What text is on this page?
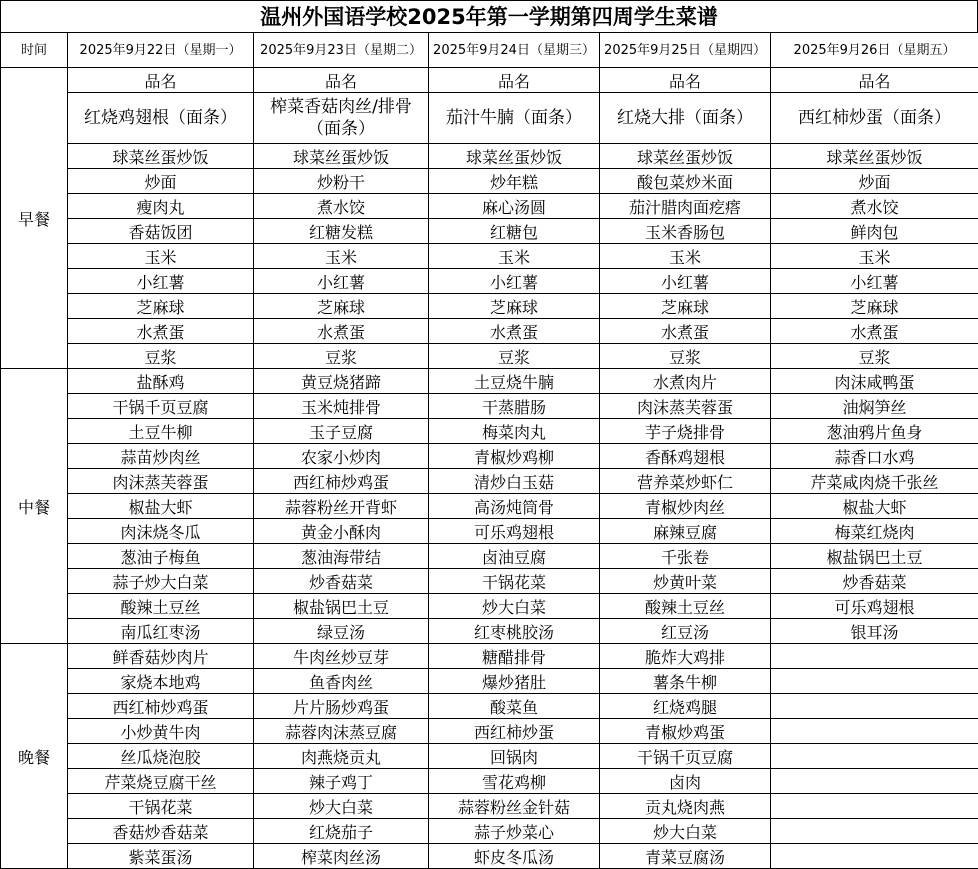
温州外国语学校2025年第一学期第四周学生菜谱
时间	2025年9月22日（星期一）	2025年9月23日（星期二）	2025年9月24日（星期三）	2025年9月25日（星期四）	2025年9月26日（星期五）
早餐	品名	品名	品名	品名	品名
	红烧鸡翅根（面条）	榨菜香菇肉丝/排骨（面条）	茄汁牛腩（面条）	红烧大排（面条）	西红柿炒蛋（面条）
	球菜丝蛋炒饭	球菜丝蛋炒饭	球菜丝蛋炒饭	球菜丝蛋炒饭	球菜丝蛋炒饭
	炒面	炒粉干	炒年糕	酸包菜炒米面	炒面
	瘦肉丸	煮水饺	麻心汤圆	茄汁腊肉面疙瘩	煮水饺
	香菇饭团	红糖发糕	红糖包	玉米香肠包	鲜肉包
	玉米	玉米	玉米	玉米	玉米
	小红薯	小红薯	小红薯	小红薯	小红薯
	芝麻球	芝麻球	芝麻球	芝麻球	芝麻球
	水煮蛋	水煮蛋	水煮蛋	水煮蛋	水煮蛋
	豆浆	豆浆	豆浆	豆浆	豆浆
中餐	盐酥鸡	黄豆烧猪蹄	土豆烧牛腩	水煮肉片	肉沫咸鸭蛋
	干锅千页豆腐	玉米炖排骨	干蒸腊肠	肉沫蒸芙蓉蛋	油焖笋丝
	土豆牛柳	玉子豆腐	梅菜肉丸	芋子烧排骨	葱油鸦片鱼身
	蒜苗炒肉丝	农家小炒肉	青椒炒鸡柳	香酥鸡翅根	蒜香口水鸡
	肉沫蒸芙蓉蛋	西红柿炒鸡蛋	清炒白玉菇	营养菜炒虾仁	芹菜咸肉烧千张丝
	椒盐大虾	蒜蓉粉丝开背虾	高汤炖筒骨	青椒炒肉丝	椒盐大虾
	肉沫烧冬瓜	黄金小酥肉	可乐鸡翅根	麻辣豆腐	梅菜红烧肉
	葱油子梅鱼	葱油海带结	卤油豆腐	千张卷	椒盐锅巴土豆
	蒜子炒大白菜	炒香菇菜	干锅花菜	炒黄叶菜	炒香菇菜
	酸辣土豆丝	椒盐锅巴土豆	炒大白菜	酸辣土豆丝	可乐鸡翅根
	南瓜红枣汤	绿豆汤	红枣桃胶汤	红豆汤	银耳汤
晚餐	鲜香菇炒肉片	牛肉丝炒豆芽	糖醋排骨	脆炸大鸡排	
	家烧本地鸡	鱼香肉丝	爆炒猪肚	薯条牛柳	
	西红柿炒鸡蛋	片片肠炒鸡蛋	酸菜鱼	红烧鸡腿	
	小炒黄牛肉	蒜蓉肉沫蒸豆腐	西红柿炒蛋	青椒炒鸡蛋	
	丝瓜烧泡胶	肉燕烧贡丸	回锅肉	干锅千页豆腐	
	芹菜烧豆腐干丝	辣子鸡丁	雪花鸡柳	卤肉	
	干锅花菜	炒大白菜	蒜蓉粉丝金针菇	贡丸烧肉燕	
	香菇炒香菇菜	红烧茄子	蒜子炒菜心	炒大白菜	
	紫菜蛋汤	榨菜肉丝汤	虾皮冬瓜汤	青菜豆腐汤	
